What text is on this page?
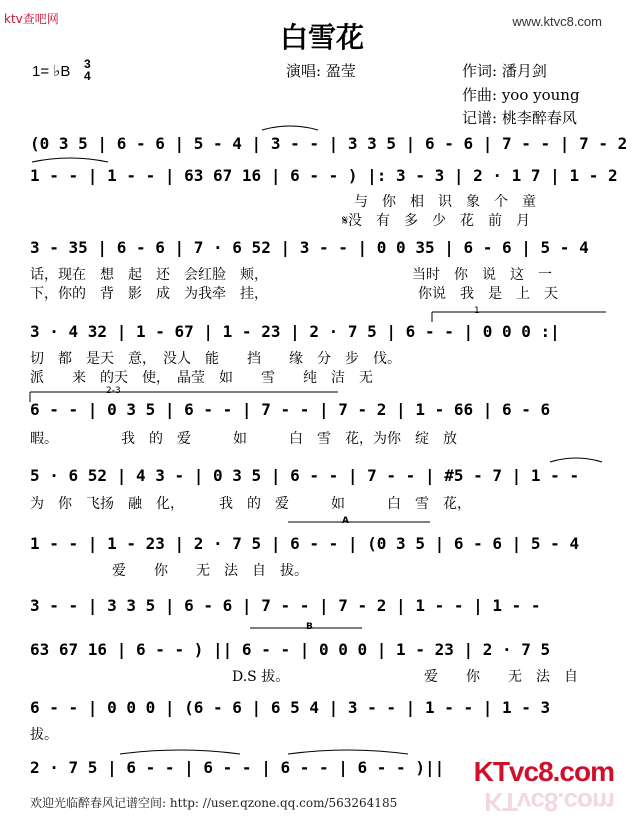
ktv查吧网	www.ktvc8.com
白雪花
1= ♭B 3
4	演唱: 盈莹	作词: 潘月剑
作曲: yoo young
记谱: 桃李醉春风
(0 3 5 | 6 - 6 | 5 - 4 | 3 - - | 3 3 5 | 6 - 6 | 7 - - | 7 - 2
1 - - | 1 - - | 63 67 16 | 6 - - ) |: 3 - 3 | 2 · 1 7 | 1 - 2
3 - 35 | 6 - 6 | 7 · 6 52 | 3 - - | 0 0 35 | 6 - 6 | 5 - 4
3 · 4 32 | 1 - 67 | 1 - 23 | 2 · 7 5 | 6 - - | 0 0 0 :|
6 - - | 0 3 5 | 6 - - | 7 - - | 7 - 2 | 1 - 66 | 6 - 6
5 · 6 52 | 4 3 - | 0 3 5 | 6 - - | 7 - - | #5 - 7 | 1 - -
1 - - | 1 - 23 | 2 · 7 5 | 6 - - | (0 3 5 | 6 - 6 | 5 - 4
3 - - | 3 3 5 | 6 - 6 | 7 - - | 7 - 2 | 1 - - | 1 - -
63 67 16 | 6 - - ) || 6 - - | 0 0 0 | 1 - 23 | 2 · 7 5
6 - - | 0 0 0 | (6 - 6 | 6 5 4 | 3 - - | 1 - - | 1 - 3
2 · 7 5 | 6 - - | 6 - - | 6 - - | 6 - - )||
与　你　相　识　象　个　童
𝄋没　有　多　少　花　前　月
话，现在　想　起　还　会红脸　颊，	当时　你　说　这　一
下，你的　背　影　成　为我牵　挂，	你说　我　是　上　天
切　都　是天　意，　没人　能　　挡　　缘　分　步　伐。
派　　来　的天　使，　晶莹　如　　雪　　纯　洁　无
暇。　　　　　我　的　爱　　　如　　　白　雪　花，为你　绽　放
为　你　飞扬　融　化，　　　我　的　爱　　　如　　　白　雪　花，
爱　　你　　无　法　自　拔。
D.S 拔。	爱　　你　　无　法　自
拔。
1
2-3
A
B
欢迎光临醉春风记谱空间: http: //user.qzone.qq.com/563264185
KTvc8.com
KTvc8.com
